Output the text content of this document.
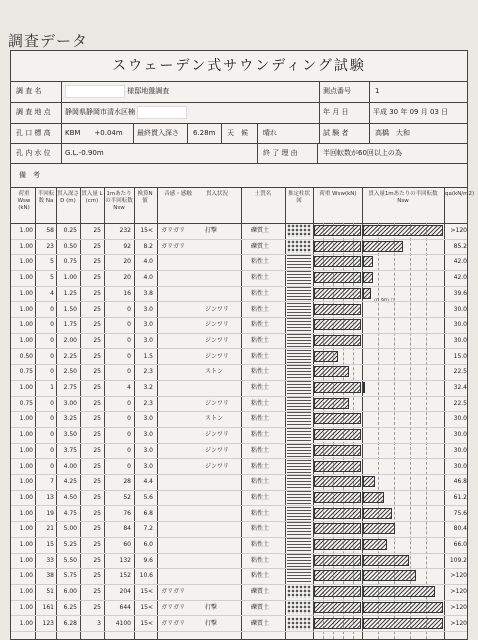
調査データ
スウェーデン式サウンディング試験
調 査 名	様邸地盤調査	測点番号	1
調 査 地 点 静岡県静岡市清水区楠	年 月 日	平成 30 年 09 月 03 日
孔 口 標 高 KBM　　+0.04m 最終貫入深さ 6.28m 天　候 晴れ	試 験 者	高橋　大和
孔 内 水 位 G.L.-0.90m	終 了 理 由	半回転数が60回以上の為
備　考
荷重 Wsw (kN)
半回転数 Na
貫入深さ D (m)
貫入量 L (cm)
1mあたりの半回転数 Nsw
換算N値
音感・感触	貫入状況	土質名	推定柱状図
荷重 Wsw(kN)	貫入量1mあたりの半回転数 Nsw
qa(kN/m2)
(0.90) ▽
1.00	58	0.25	25	232	15< ガリガリ	打撃	礫質土	>120
1.00	23	0.50	25	92	8.2 ガリガリ	礫質土	85.2
1.00	5	0.75	25	20	4.0	粘性土	42.0
1.00	5	1.00	25	20	4.0	粘性土	42.0
1.00	4	1.25	25	16	3.8	粘性土	39.6
1.00	0	1.50	25	0	3.0	ジンワリ	粘性土	30.0
1.00	0	1.75	25	0	3.0	ジンワリ	粘性土	30.0
1.00	0	2.00	25	0	3.0	ジンワリ	粘性土	30.0
0.50	0	2.25	25	0	1.5	ジンワリ	粘性土	15.0
0.75	0	2.50	25	0	2.3	ストン	粘性土	22.5
1.00	1	2.75	25	4	3.2	粘性土	32.4
0.75	0	3.00	25	0	2.3	ジンワリ	粘性土	22.5
1.00	0	3.25	25	0	3.0	ストン	粘性土	30.0
1.00	0	3.50	25	0	3.0	ジンワリ	粘性土	30.0
1.00	0	3.75	25	0	3.0	ジンワリ	粘性土	30.0
1.00	0	4.00	25	0	3.0	ジンワリ	粘性土	30.0
1.00	7	4.25	25	28	4.4	粘性土	46.8
1.00	13	4.50	25	52	5.6	粘性土	61.2
1.00	19	4.75	25	76	6.8	粘性土	75.6
1.00	21	5.00	25	84	7.2	粘性土	80.4
1.00	15	5.25	25	60	6.0	粘性土	66.0
1.00	33	5.50	25	132	9.6	粘性土	109.2
1.00	38	5.75	25	152	10.6	粘性土	>120
1.00	51	6.00	25	204	15< ガリガリ	礫質土	>120
1.00	161	6.25	25	644	15< ガリガリ	打撃	礫質土	>120
1.00	123	6.28	3	4100	15< ガリガリ	打撃	礫質土	>120
